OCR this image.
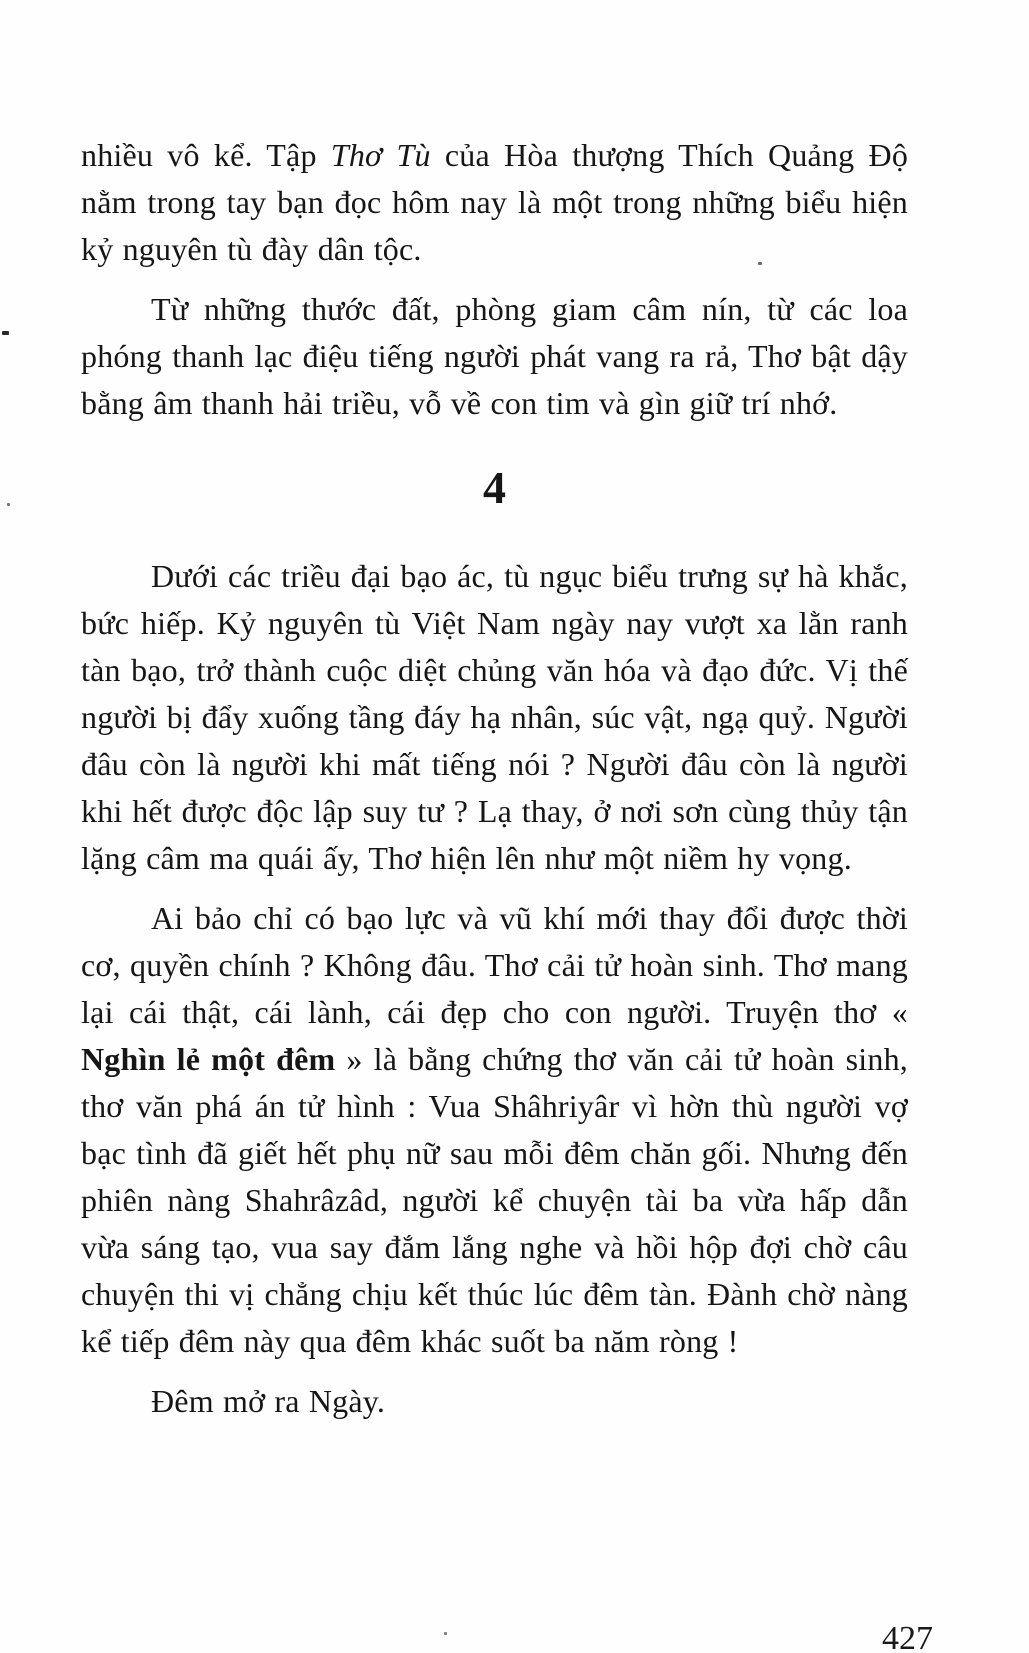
nhiều vô kể. Tập Thơ Tù của Hòa thượng Thích Quảng Độ nằm trong tay bạn đọc hôm nay là một trong những biểu hiện kỷ nguyên tù đày dân tộc.

Từ những thước đất, phòng giam câm nín, từ các loa phóng thanh lạc điệu tiếng người phát vang ra rả, Thơ bật dậy bằng âm thanh hải triều, vỗ về con tim và gìn giữ trí nhớ.

4

Dưới các triều đại bạo ác, tù ngục biểu trưng sự hà khắc, bức hiếp. Kỷ nguyên tù Việt Nam ngày nay vượt xa lằn ranh tàn bạo, trở thành cuộc diệt chủng văn hóa và đạo đức. Vị thế người bị đẩy xuống tầng đáy hạ nhân, súc vật, ngạ quỷ. Người đâu còn là người khi mất tiếng nói ? Người đâu còn là người khi hết được độc lập suy tư ? Lạ thay, ở nơi sơn cùng thủy tận lặng câm ma quái ấy, Thơ hiện lên như một niềm hy vọng.

Ai bảo chỉ có bạo lực và vũ khí mới thay đổi được thời cơ, quyền chính ? Không đâu. Thơ cải tử hoàn sinh. Thơ mang lại cái thật, cái lành, cái đẹp cho con người. Truyện thơ « Nghìn lẻ một đêm » là bằng chứng thơ văn cải tử hoàn sinh, thơ văn phá án tử hình : Vua Shâhriyâr vì hờn thù người vợ bạc tình đã giết hết phụ nữ sau mỗi đêm chăn gối. Nhưng đến phiên nàng Shahrâzâd, người kể chuyện tài ba vừa hấp dẫn vừa sáng tạo, vua say đắm lắng nghe và hồi hộp đợi chờ câu chuyện thi vị chẳng chịu kết thúc lúc đêm tàn. Đành chờ nàng kể tiếp đêm này qua đêm khác suốt ba năm ròng !

Đêm mở ra Ngày.

427
